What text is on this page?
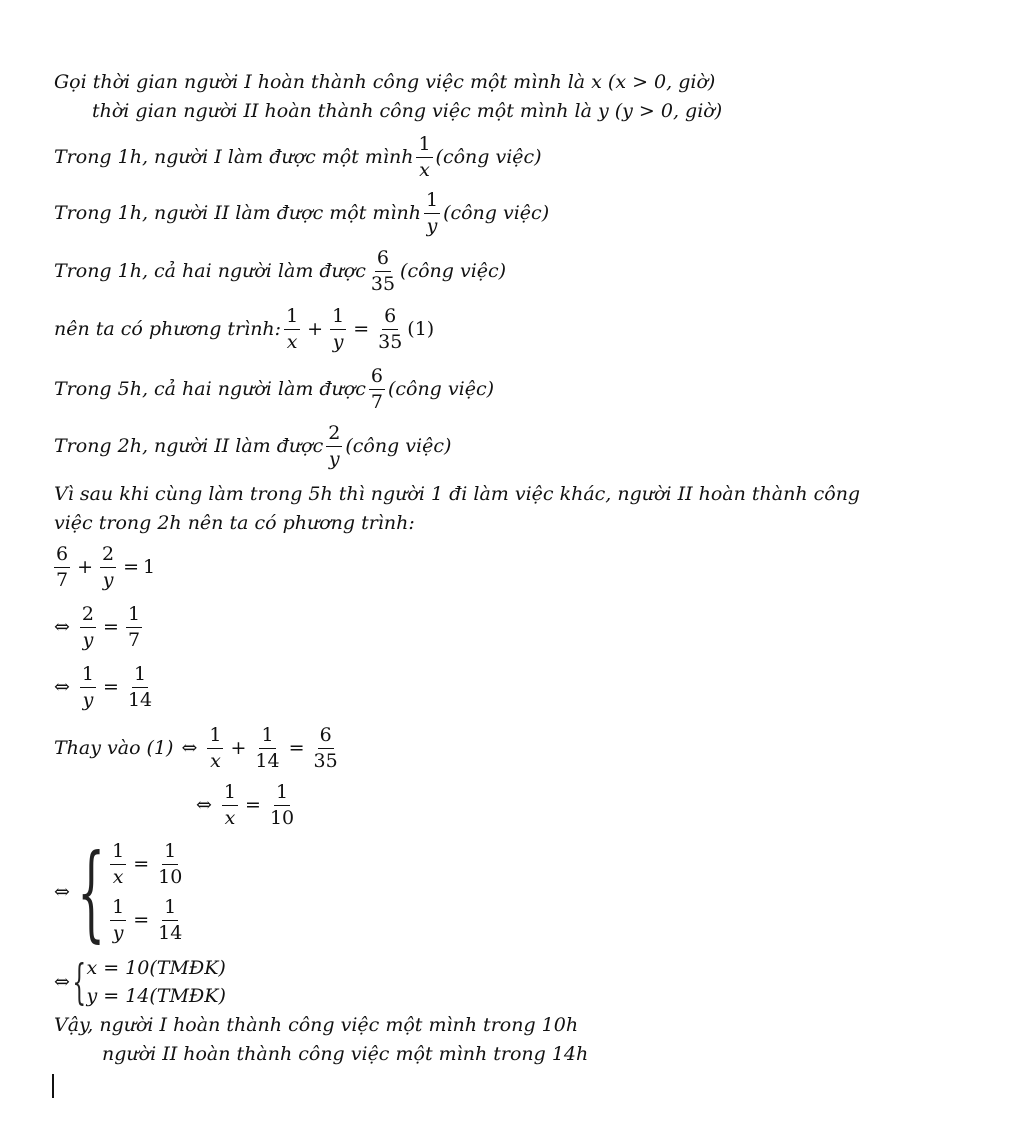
Gọi thời gian người I hoàn thành công việc một mình là x (x > 0, giờ)
thời gian người II hoàn thành công việc một mình là y (y > 0, giờ)
Trong 1h, người I làm được một mình $\frac{1}{x}$ (công việc)
Trong 1h, người II làm được một mình $\frac{1}{y}$ (công việc)
Trong 1h, cả hai người làm được $\frac{6}{35}$ (công việc)
nên ta có phương trình: $\frac{1}{x} + \frac{1}{y} = \frac{6}{35} (1)$
Trong 5h, cả hai người làm được $\frac{6}{7}$ (công việc)
Trong 2h, người II làm được $\frac{2}{y}$ (công việc)
Vì sau khi cùng làm trong 5h thì người 1 đi làm việc khác, người II hoàn thành công
việc trong 2h nên ta có phương trình:
$\frac{6}{7} + \frac{2}{y} = 1$
⇔ $\frac{2}{y} = \frac{1}{7}$
⇔ $\frac{1}{y} = \frac{1}{14}$
Thay vào (1) ⇔ $\frac{1}{x} + \frac{1}{14} = \frac{6}{35}$
⇔ $\frac{1}{x} = \frac{1}{10}$
⇔ { $\frac{1}{x} = \frac{1}{10}$
$\frac{1}{y} = \frac{1}{14}$
⇔ { x = 10(TMĐK)
y = 14(TMĐK)
Vậy, người I hoàn thành công việc một mình trong 10h
người II hoàn thành công việc một mình trong 14h
